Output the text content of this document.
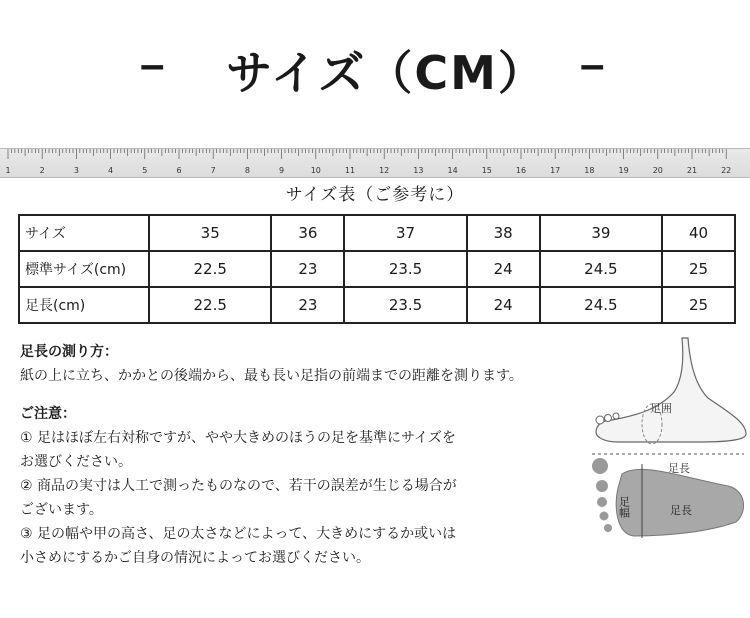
– サイズ（CM） –
1	2	3	4	5	6	7	8	9	10	11	12	13	14	15	16	17	18	19	20	21	22
サイズ表（ご参考に）
サイズ	35	36	37	38	39	40
標準サイズ(cm)	22.5	23	23.5	24	24.5	25
足長(cm)	22.5	23	23.5	24	24.5	25
足長の測り方：
紙の上に立ち、かかとの後端から、最も長い足指の前端までの距離を測ります。
ご注意：
① 足はほぼ左右対称ですが、やや大きめのほうの足を基準にサイズを
お選びください。
② 商品の実寸は人工で測ったものなので、若干の誤差が生じる場合が
ございます。
③ 足の幅や甲の高さ、足の太さなどによって、大きめにするか或いは
小さめにするかご自身の情況によってお選びください。
足囲
足長
足幅	足長
